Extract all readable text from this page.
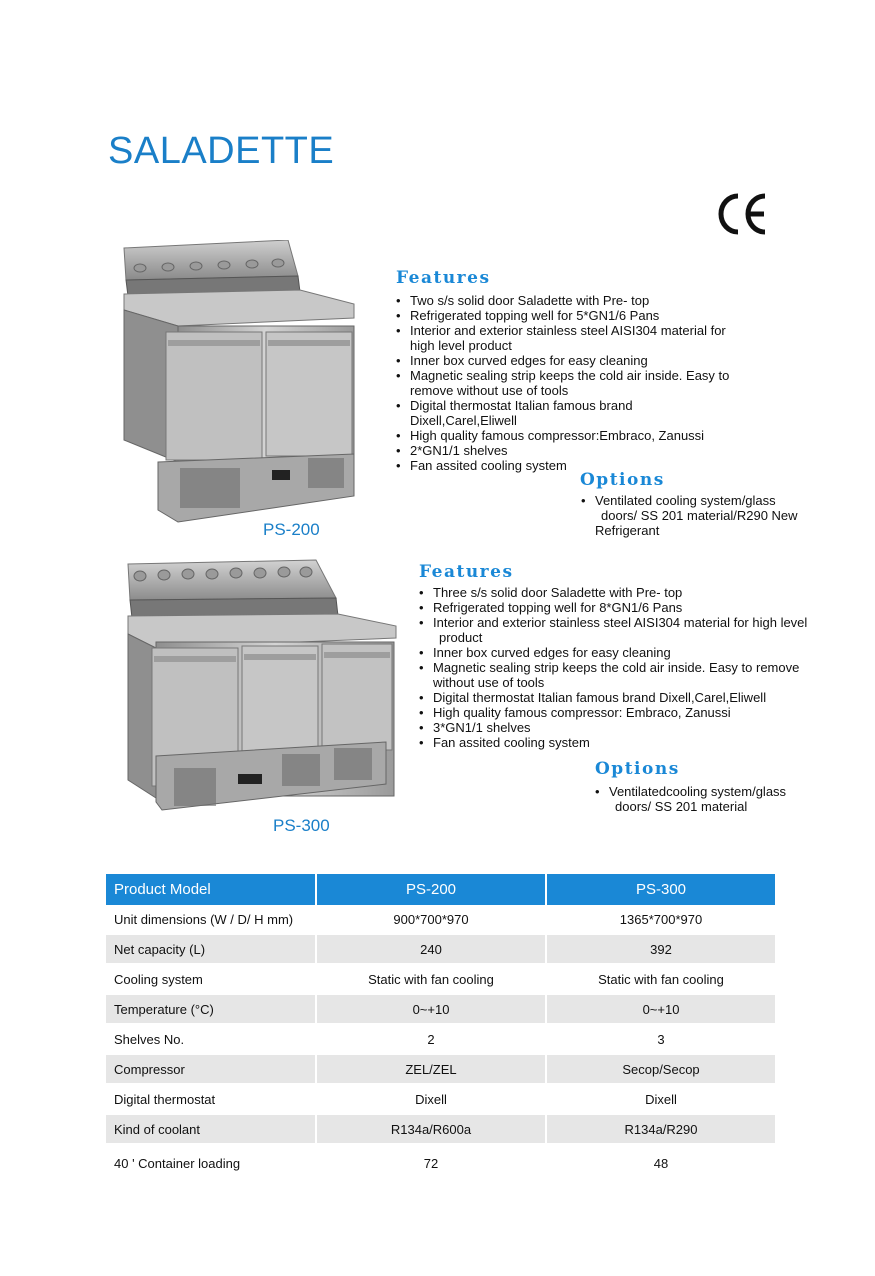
SALADETTE
PS-200
Features
• Two s/s solid door Saladette with Pre- top
• Refrigerated topping well for 5*GN1/6 Pans
• Interior and exterior stainless steel AISI304 material for
high level product
• Inner box curved edges for easy cleaning
• Magnetic sealing strip keeps the cold air inside. Easy to
remove without use of tools
• Digital thermostat Italian famous brand
Dixell,Carel,Eliwell
• High quality famous compressor:Embraco, Zanussi
• 2*GN1/1 shelves
• Fan assited cooling system
Options
• Ventilated cooling system/glass
doors/ SS 201 material/R290 New
Refrigerant
PS-300
Features
• Three s/s solid door Saladette with Pre- top
• Refrigerated topping well for 8*GN1/6 Pans
• Interior and exterior stainless steel AISI304 material for high level
product
• Inner box curved edges for easy cleaning
• Magnetic sealing strip keeps the cold air inside. Easy to remove
without use of tools
• Digital thermostat Italian famous brand Dixell,Carel,Eliwell
• High quality famous compressor: Embraco, Zanussi
• 3*GN1/1 shelves
• Fan assited cooling system
Options
• Ventilatedcooling system/glass
doors/ SS 201 material
Product Model	PS-200	PS-300
Unit dimensions (W / D/ H mm)	900*700*970	1365*700*970
Net capacity (L)	240	392
Cooling system	Static with fan cooling	Static with fan cooling
Temperature (°C)	0~+10	0~+10
Shelves No.	2	3
Compressor	ZEL/ZEL	Secop/Secop
Digital thermostat	Dixell	Dixell
Kind of coolant	R134a/R600a	R134a/R290
40 ' Container loading	72	48
